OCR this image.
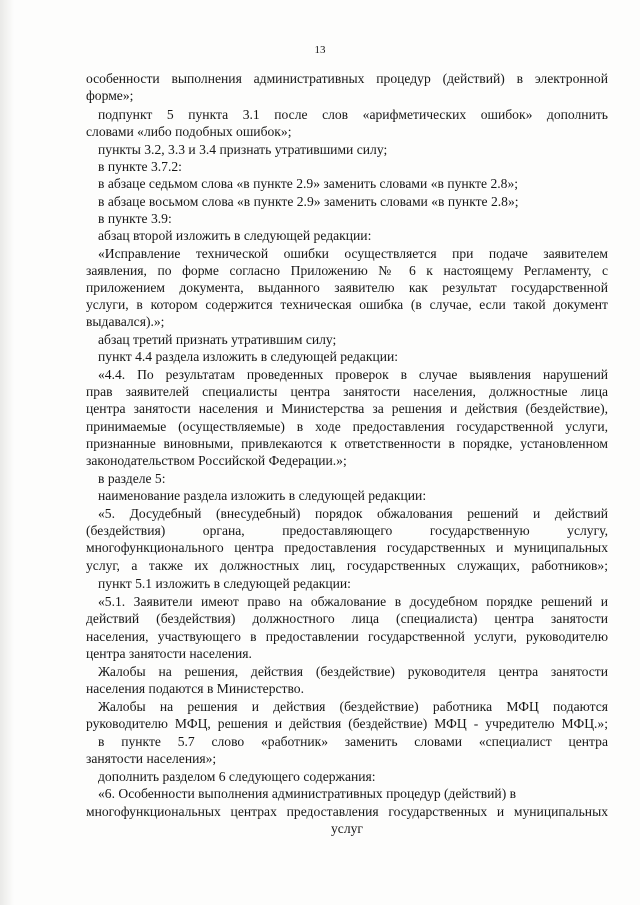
13
особенности выполнения административных процедур (действий) в электронной
форме»;
подпункт 5 пункта 3.1 после слов «арифметических ошибок» дополнить
словами «либо подобных ошибок»;
пункты 3.2, 3.3 и 3.4 признать утратившими силу;
в пункте 3.7.2:
в абзаце седьмом слова «в пункте 2.9» заменить словами «в пункте 2.8»;
в абзаце восьмом слова «в пункте 2.9» заменить словами «в пункте 2.8»;
в пункте 3.9:
абзац второй изложить в следующей редакции:
«Исправление технической ошибки осуществляется при подаче заявителем
заявления, по форме согласно Приложению № 6 к настоящему Регламенту, с
приложением документа, выданного заявителю как результат государственной
услуги, в котором содержится техническая ошибка (в случае, если такой документ
выдавался).»;
абзац третий признать утратившим силу;
пункт 4.4 раздела изложить в следующей редакции:
«4.4. По результатам проведенных проверок в случае выявления нарушений
прав заявителей специалисты центра занятости населения, должностные лица
центра занятости населения и Министерства за решения и действия (бездействие),
принимаемые (осуществляемые) в ходе предоставления государственной услуги,
признанные виновными, привлекаются к ответственности в порядке, установленном
законодательством Российской Федерации.»;
в разделе 5:
наименование раздела изложить в следующей редакции:
«5. Досудебный (внесудебный) порядок обжалования решений и действий
(бездействия) органа, предоставляющего государственную услугу,
многофункционального центра предоставления государственных и муниципальных
услуг, а также их должностных лиц, государственных служащих, работников»;
пункт 5.1 изложить в следующей редакции:
«5.1. Заявители имеют право на обжалование в досудебном порядке решений и
действий (бездействия) должностного лица (специалиста) центра занятости
населения, участвующего в предоставлении государственной услуги, руководителю
центра занятости населения.
Жалобы на решения, действия (бездействие) руководителя центра занятости
населения подаются в Министерство.
Жалобы на решения и действия (бездействие) работника МФЦ подаются
руководителю МФЦ, решения и действия (бездействие) МФЦ - учредителю МФЦ.»;
в пункте 5.7 слово «работник» заменить словами «специалист центра
занятости населения»;
дополнить разделом 6 следующего содержания:
«6. Особенности выполнения административных процедур (действий) в
многофункциональных центрах предоставления государственных и муниципальных
услуг
